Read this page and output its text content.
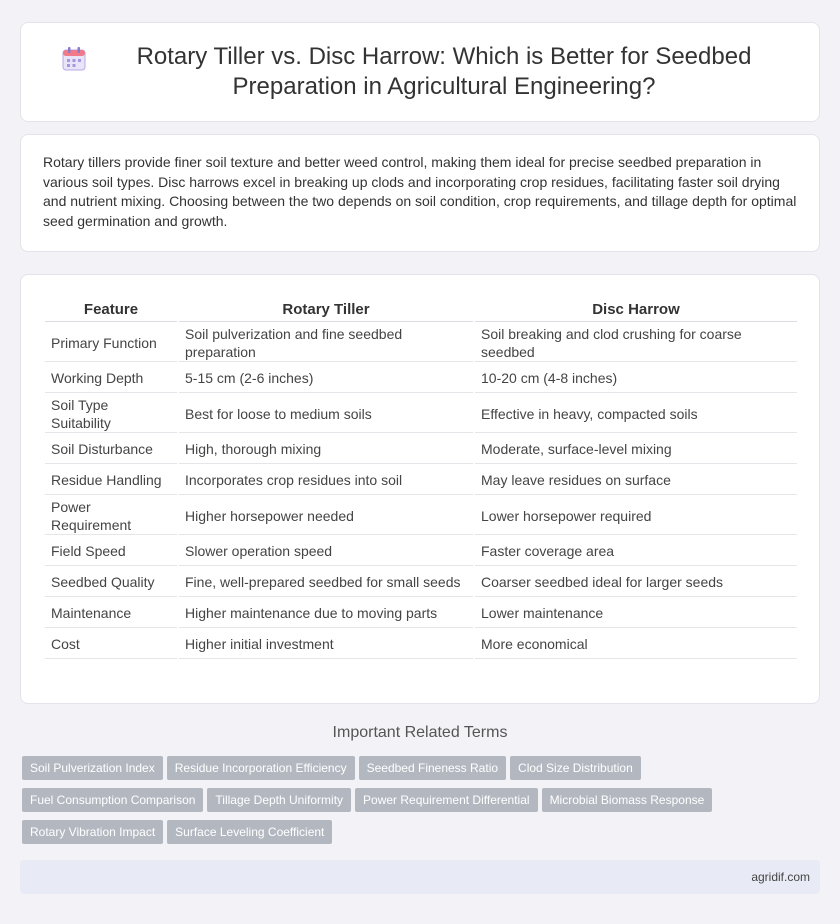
Rotary Tiller vs. Disc Harrow: Which is Better for Seedbed Preparation in Agricultural Engineering?

Rotary tillers provide finer soil texture and better weed control, making them ideal for precise seedbed preparation in various soil types. Disc harrows excel in breaking up clods and incorporating crop residues, facilitating faster soil drying and nutrient mixing. Choosing between the two depends on soil condition, crop requirements, and tillage depth for optimal seed germination and growth.

Feature	Rotary Tiller	Disc Harrow
Primary Function	Soil pulverization and fine seedbed preparation	Soil breaking and clod crushing for coarse seedbed
Working Depth	5-15 cm (2-6 inches)	10-20 cm (4-8 inches)
Soil Type Suitability	Best for loose to medium soils	Effective in heavy, compacted soils
Soil Disturbance	High, thorough mixing	Moderate, surface-level mixing
Residue Handling	Incorporates crop residues into soil	May leave residues on surface
Power Requirement	Higher horsepower needed	Lower horsepower required
Field Speed	Slower operation speed	Faster coverage area
Seedbed Quality	Fine, well-prepared seedbed for small seeds	Coarser seedbed ideal for larger seeds
Maintenance	Higher maintenance due to moving parts	Lower maintenance
Cost	Higher initial investment	More economical
Important Related Terms
Soil Pulverization Index Residue Incorporation Efficiency Seedbed Fineness Ratio Clod Size Distribution
Fuel Consumption Comparison Tillage Depth Uniformity Power Requirement Differential Microbial Biomass Response
Rotary Vibration Impact Surface Leveling Coefficient
agridif.com
